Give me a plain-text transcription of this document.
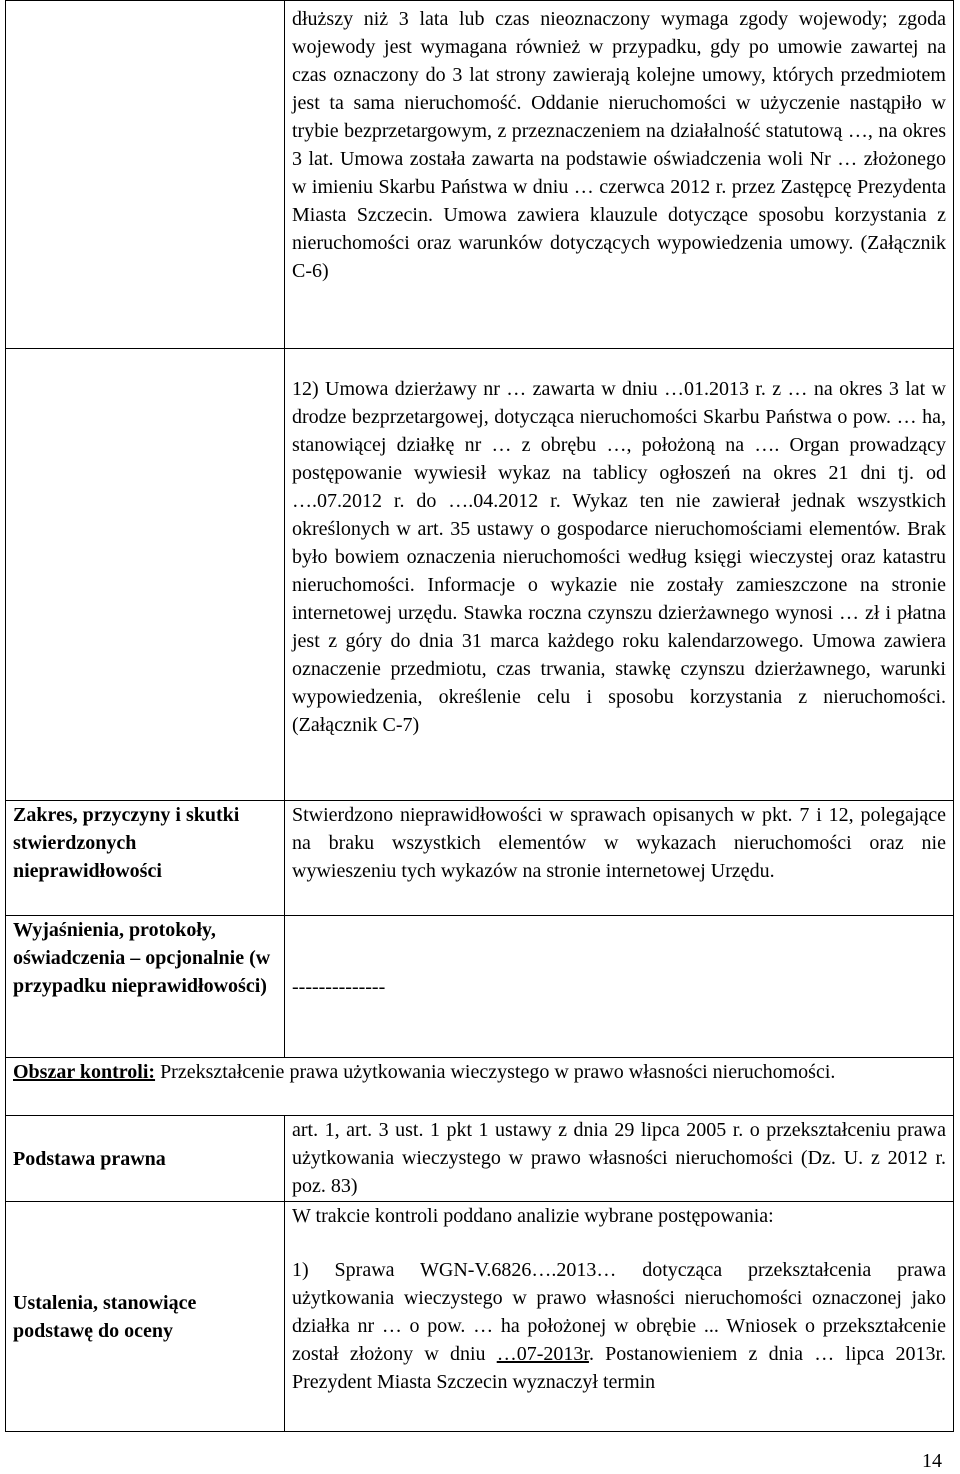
	dłuższy niż 3 lata lub czas nieoznaczony wymaga zgody wojewody; zgoda wojewody jest wymagana również w przypadku, gdy po umowie zawartej na czas oznaczony do 3 lat strony zawierają kolejne umowy, których przedmiotem jest ta sama nieruchomość. Oddanie nieruchomości w użyczenie nastąpiło w trybie bezprzetargowym, z przeznaczeniem na działalność statutową …, na okres 3 lat. Umowa została zawarta na podstawie oświadczenia woli Nr … złożonego w imieniu Skarbu Państwa w dniu … czerwca 2012 r. przez Zastępcę Prezydenta Miasta Szczecin. Umowa zawiera klauzule dotyczące sposobu korzystania z nieruchomości oraz warunków dotyczących wypowiedzenia umowy. (Załącznik C-6)

	12) Umowa dzierżawy nr … zawarta w dniu …01.2013 r. z … na okres 3 lat w drodze bezprzetargowej, dotycząca nieruchomości Skarbu Państwa o pow. … ha, stanowiącej działkę nr … z obrębu …, położoną na …. Organ prowadzący postępowanie wywiesił wykaz na tablicy ogłoszeń na okres 21 dni tj. od ….07.2012 r. do ….04.2012 r. Wykaz ten nie zawierał jednak wszystkich określonych w art. 35 ustawy o gospodarce nieruchomościami elementów. Brak było bowiem oznaczenia nieruchomości według księgi wieczystej oraz katastru nieruchomości. Informacje o wykazie nie zostały zamieszczone na stronie internetowej urzędu. Stawka roczna czynszu dzierżawnego wynosi … zł i płatna jest z góry do dnia 31 marca każdego roku kalendarzowego. Umowa zawiera oznaczenie przedmiotu, czas trwania, stawkę czynszu dzierżawnego, warunki wypowiedzenia, określenie celu i sposobu korzystania z nieruchomości. (Załącznik C-7)

Zakres, przyczyny i skutki stwierdzonych nieprawidłowości	Stwierdzono nieprawidłowości w sprawach opisanych w pkt. 7 i 12, polegające na braku wszystkich elementów w wykazach nieruchomości oraz nie wywieszeniu tych wykazów na stronie internetowej Urzędu.
Wyjaśnienia, protokoły, oświadczenia – opcjonalnie (w przypadku nieprawidłowości)	--------------
Obszar kontroli: Przekształcenie prawa użytkowania wieczystego w prawo własności nieruchomości.	
Podstawa prawna	art. 1, art. 3 ust. 1 pkt 1 ustawy z dnia 29 lipca 2005 r. o przekształceniu prawa użytkowania wieczystego w prawo własności nieruchomości (Dz. U. z 2012 r. poz. 83)
Ustalenia, stanowiące podstawę do oceny	W trakcie kontroli poddano analizie wybrane postępowania:

1) Sprawa WGN-V.6826….2013… dotycząca przekształcenia prawa użytkowania wieczystego w prawo własności nieruchomości oznaczonej jako działka nr … o pow. … ha położonej w obrębie ... Wniosek o przekształcenie został złożony w dniu …07-2013r. Postanowieniem z dnia … lipca 2013r. Prezydent Miasta Szczecin wyznaczył termin

14
